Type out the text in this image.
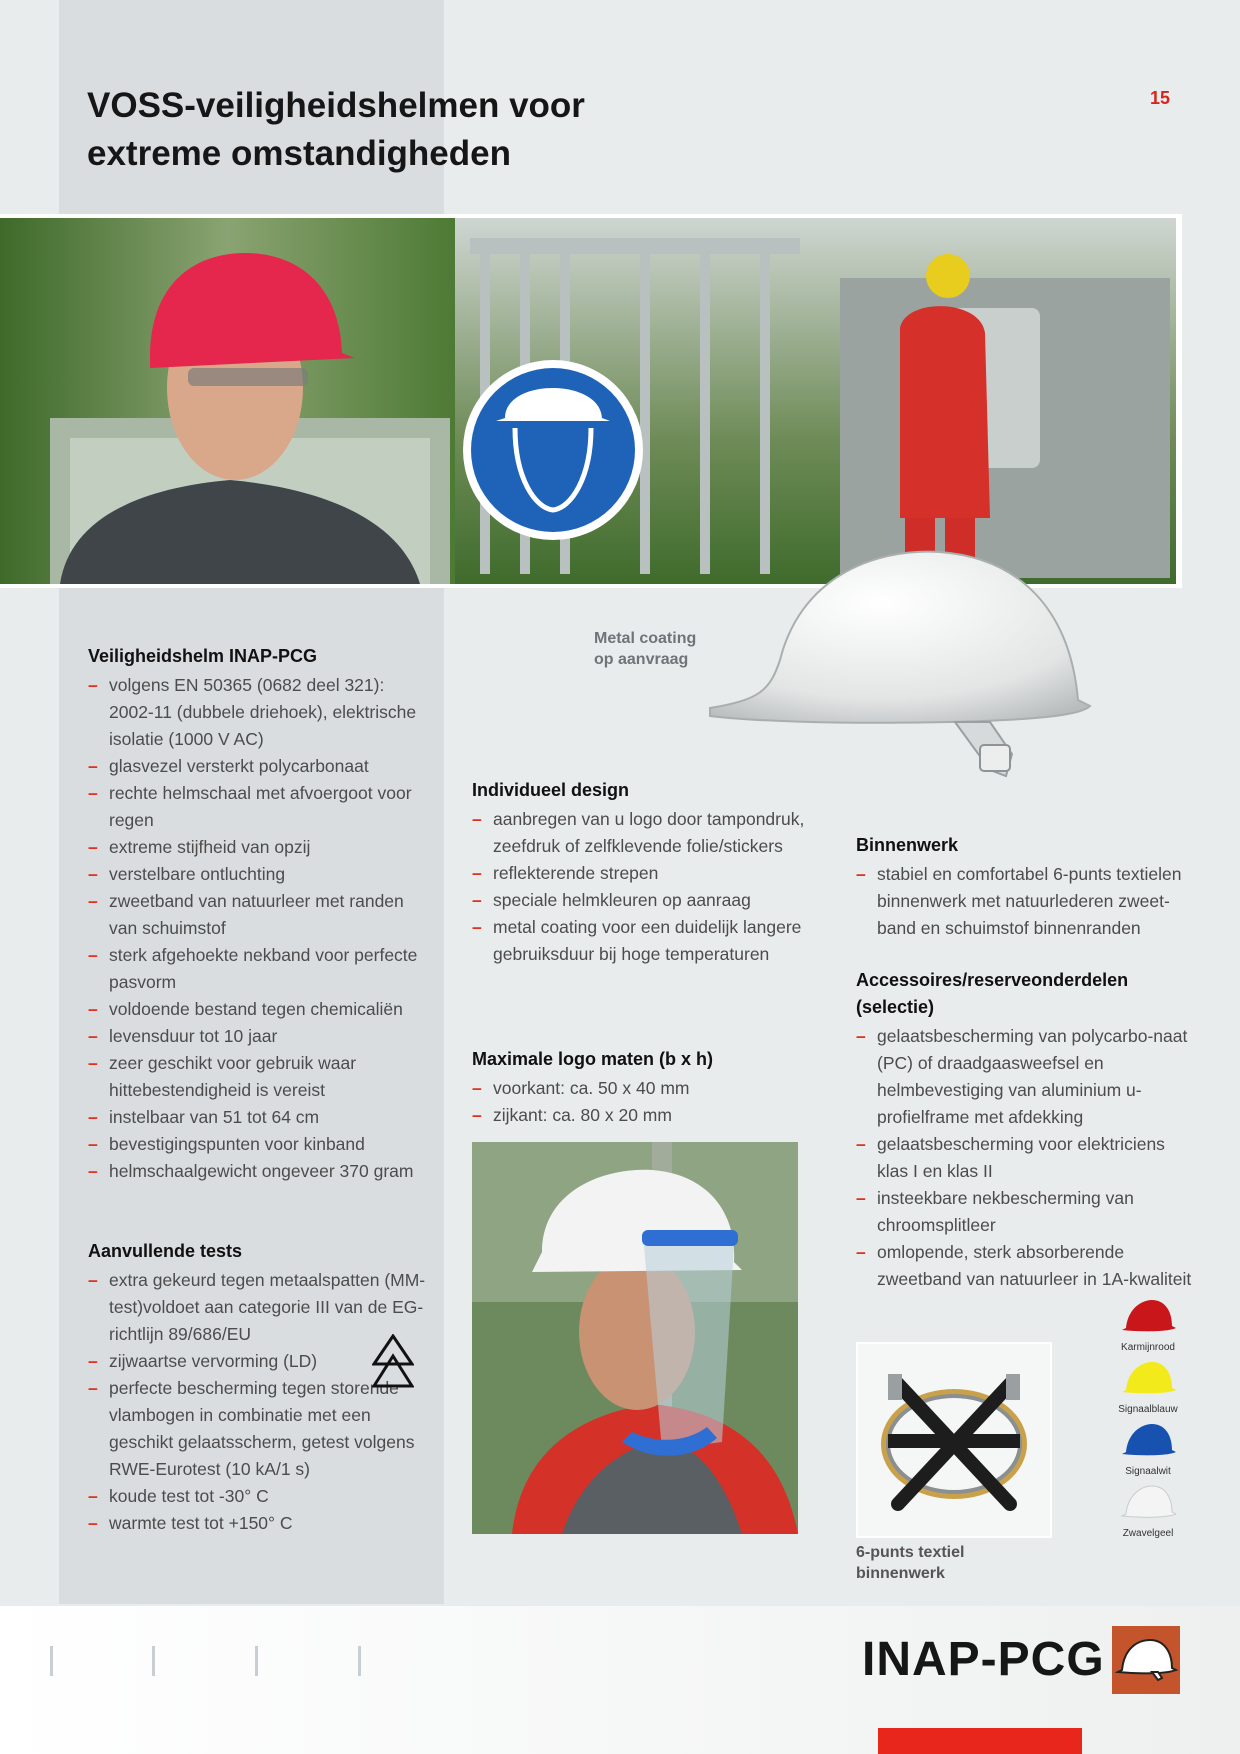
VOSS-veiligheidshelmen voor
extreme omstandigheden
15
Metal coating
op aanvraag
Veiligheidshelm INAP-PCG
– volgens EN 50365 (0682 deel 321): 2002-11 (dubbele driehoek), elektrische isolatie (1000 V AC)
– glasvezel versterkt polycarbonaat
– rechte helmschaal met afvoergoot voor regen
– extreme stijfheid van opzij
– verstelbare ontluchting
– zweetband van natuurleer met randen van schuimstof
– sterk afgehoekte nekband voor perfecte pasvorm
– voldoende bestand tegen chemicaliën
– levensduur tot 10 jaar
– zeer geschikt voor gebruik waar hittebestendigheid is vereist
– instelbaar van 51 tot 64 cm
– bevestigingspunten voor kinband
– helmschaalgewicht ongeveer 370 gram
Aanvullende tests
– extra gekeurd tegen metaalspatten (MM-test)voldoet aan categorie III van de EG-richtlijn 89/686/EU
– zijwaartse vervorming (LD)
– perfecte bescherming tegen storende vlambogen in combinatie met een geschikt gelaatsscherm, getest volgens RWE-Eurotest (10 kA/1 s)
– koude test tot -30° C
– warmte test tot +150° C
Individueel design
– aanbregen van u logo door tampondruk, zeefdruk of zelfklevende folie/stickers
– reflekterende strepen
– speciale helmkleuren op aanraag
– metal coating voor een duidelijk langere gebruiksduur bij hoge temperaturen
Maximale logo maten (b x h)
– voorkant: ca. 50 x 40 mm
– zijkant: ca. 80 x 20 mm
Binnenwerk
– stabiel en comfortabel 6-punts textielen binnenwerk met natuurlederen zweet-band en schuimstof binnenranden
Accessoires/reserveonderdelen (selectie)
– gelaatsbescherming van polycarbo-naat (PC) of draadgaasweefsel en helmbevestiging van aluminium u-profielframe met afdekking
– gelaatsbescherming voor elektriciens klas I en klas II
– insteekbare nekbescherming van chroomsplitleer
– omlopende, sterk absorberende zweetband van natuurleer in 1A-kwaliteit
6-punts textiel
binnenwerk
Karmijnrood
Signaalblauw
Signaalwit
Zwavelgeel
INAP-PCG
